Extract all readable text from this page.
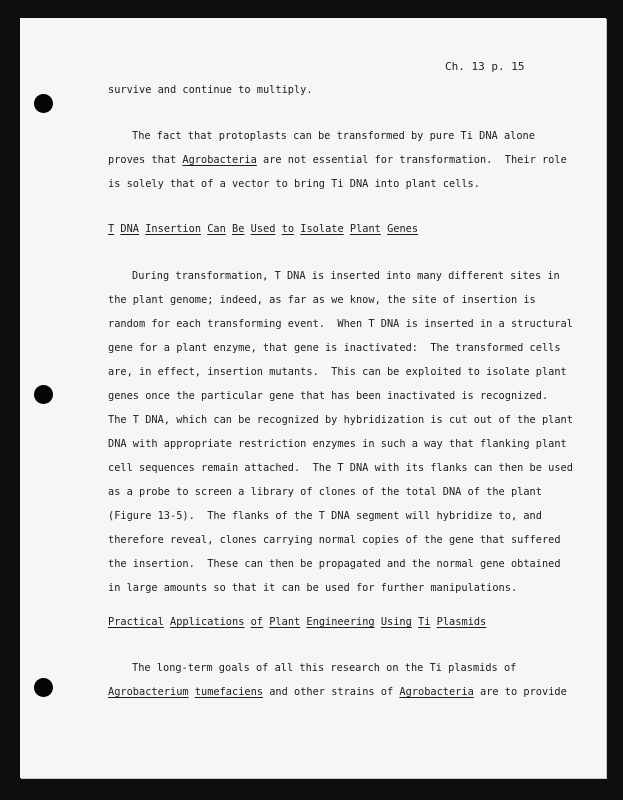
Ch. 13 p. 15
survive and continue to multiply.
The fact that protoplasts can be transformed by pure Ti DNA alone
proves that Agrobacteria are not essential for transformation.  Their role
is solely that of a vector to bring Ti DNA into plant cells.
T DNA Insertion Can Be Used to Isolate Plant Genes
During transformation, T DNA is inserted into many different sites in
the plant genome; indeed, as far as we know, the site of insertion is
random for each transforming event.  When T DNA is inserted in a structural
gene for a plant enzyme, that gene is inactivated:  The transformed cells
are, in effect, insertion mutants.  This can be exploited to isolate plant
genes once the particular gene that has been inactivated is recognized.
The T DNA, which can be recognized by hybridization is cut out of the plant
DNA with appropriate restriction enzymes in such a way that flanking plant
cell sequences remain attached.  The T DNA with its flanks can then be used
as a probe to screen a library of clones of the total DNA of the plant
(Figure 13-5).  The flanks of the T DNA segment will hybridize to, and
therefore reveal, clones carrying normal copies of the gene that suffered
the insertion.  These can then be propagated and the normal gene obtained
in large amounts so that it can be used for further manipulations.
Practical Applications of Plant Engineering Using Ti Plasmids
The long-term goals of all this research on the Ti plasmids of
Agrobacterium tumefaciens and other strains of Agrobacteria are to provide
